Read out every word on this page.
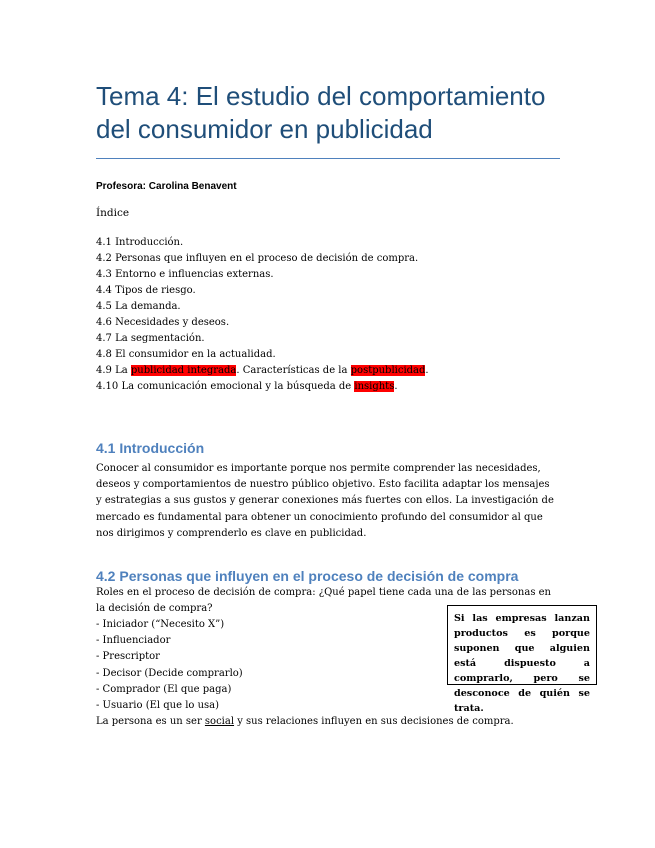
Tema 4: El estudio del comportamiento del consumidor en publicidad
Profesora: Carolina Benavent
Índice
4.1 Introducción.
4.2 Personas que influyen en el proceso de decisión de compra.
4.3 Entorno e influencias externas.
4.4 Tipos de riesgo.
4.5 La demanda.
4.6 Necesidades y deseos.
4.7 La segmentación.
4.8 El consumidor en la actualidad.
4.9 La publicidad integrada. Características de la postpublicidad.
4.10 La comunicación emocional y la búsqueda de insights.
4.1 Introducción

Conocer al consumidor es importante porque nos permite comprender las necesidades, deseos y comportamientos de nuestro público objetivo. Esto facilita adaptar los mensajes y estrategias a sus gustos y generar conexiones más fuertes con ellos. La investigación de mercado es fundamental para obtener un conocimiento profundo del consumidor al que nos dirigimos y comprenderlo es clave en publicidad.

4.2 Personas que influyen en el proceso de decisión de compra

Roles en el proceso de decisión de compra: ¿Qué papel tiene cada una de las personas en la decisión de compra?

- Iniciador (“Necesito X”)
- Influenciador
- Prescriptor
- Decisor (Decide comprarlo)
- Comprador (El que paga)
- Usuario (El que lo usa)

La persona es un ser social y sus relaciones influyen en sus decisiones de compra.

Si las empresas lanzan productos es porque suponen que alguien está dispuesto a comprarlo, pero se desconoce de quién se trata.
